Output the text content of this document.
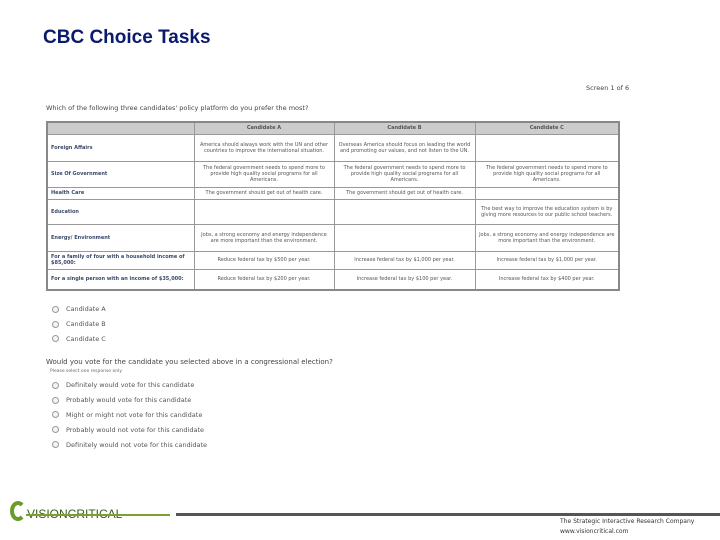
CBC Choice Tasks
Screen 1 of 6
Which of the following three candidates' policy platform do you prefer the most?
	Candidate A	Candidate B	Candidate C
Foreign Affairs	America should always work with the UN and other countries to improve the international situation.	Overseas America should focus on leading the world and promoting our values, and not listen to the UN.	
Size Of Government	The federal government needs to spend more to provide high quality social programs for all Americans.	The federal government needs to spend more to provide high quality social programs for all Americans.	The federal government needs to spend more to provide high quality social programs for all Americans.
Health Care	The government should get out of health care.	The government should get out of health care.	
Education			The best way to improve the education system is by giving more resources to our public school teachers.
Energy/ Environment	Jobs, a strong economy and energy independence are more important than the environment.		Jobs, a strong economy and energy independence are more important than the environment.
For a family of four with a household income of $85,000:	Reduce federal tax by $500 per year.	Increase federal tax by $1,000 per year.	Increase federal tax by $1,000 per year.
For a single person with an income of $35,000:	Reduce federal tax by $200 per year.	Increase federal tax by $100 per year.	Increase federal tax by $400 per year.
Candidate A
Candidate B
Candidate C
Would you vote for the candidate you selected above in a congressional election?
Please select one response only
Definitely would vote for this candidate
Probably would vote for this candidate
Might or might not vote for this candidate
Probably would not vote for this candidate
Definitely would not vote for this candidate
The Strategic Interactive Research Company
www.visioncritical.com
